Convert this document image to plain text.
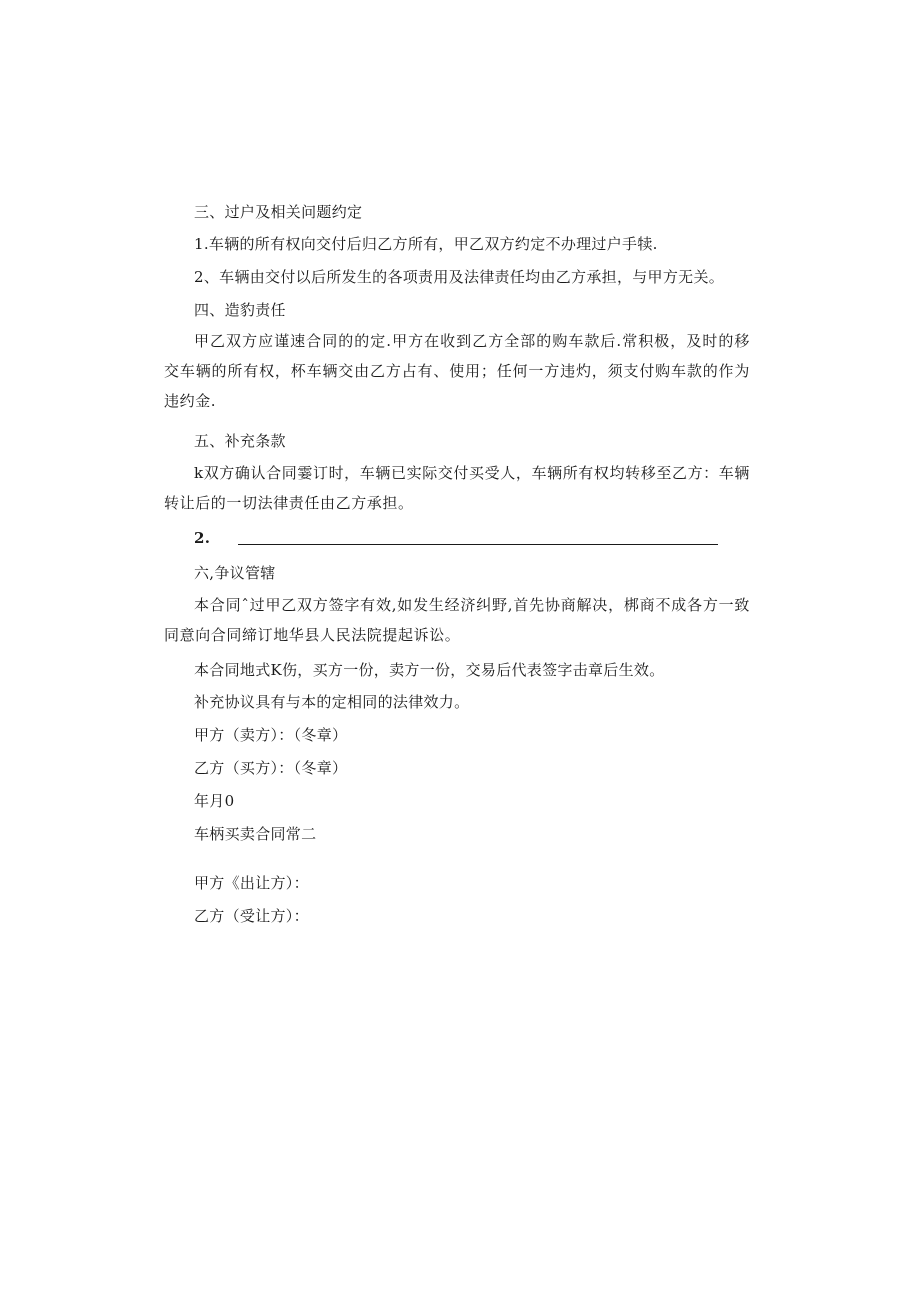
三、过户及相关问题约定
1.车辆的所有权向交付后归乙方所有，甲乙双方约定不办理过户手犊.
2、车辆由交付以后所发生的各项责用及法律责任均由乙方承担，与甲方无关。
四、造豹责任
甲乙双方应谨速合同的的定.甲方在收到乙方全部的购车款后.常积极，及时的移交车辆的所有权，杯车辆交由乙方占有、使用；任何一方违灼，须支付购车款的作为违约金.
五、补充条款
k双方确认合同霎订时，车辆已实际交付买受人，车辆所有权均转移至乙方：车辆转让后的一切法律责任由乙方承担。
2.
六,争议管辖
本合同ˆ过甲乙双方签字有效,如发生经济纠野,首先协商解决，梆商不成各方一致同意向合同缔订地华县人民法院提起诉讼。
本合同地式K伤，买方一份，卖方一份，交易后代表签字击章后生效。
补充协议具有与本的定相同的法律效力。
甲方（卖方）：（冬章）
乙方（买方）：（冬章）
年月0
车柄买卖合同常二
甲方《出让方）：
乙方（受让方）：
